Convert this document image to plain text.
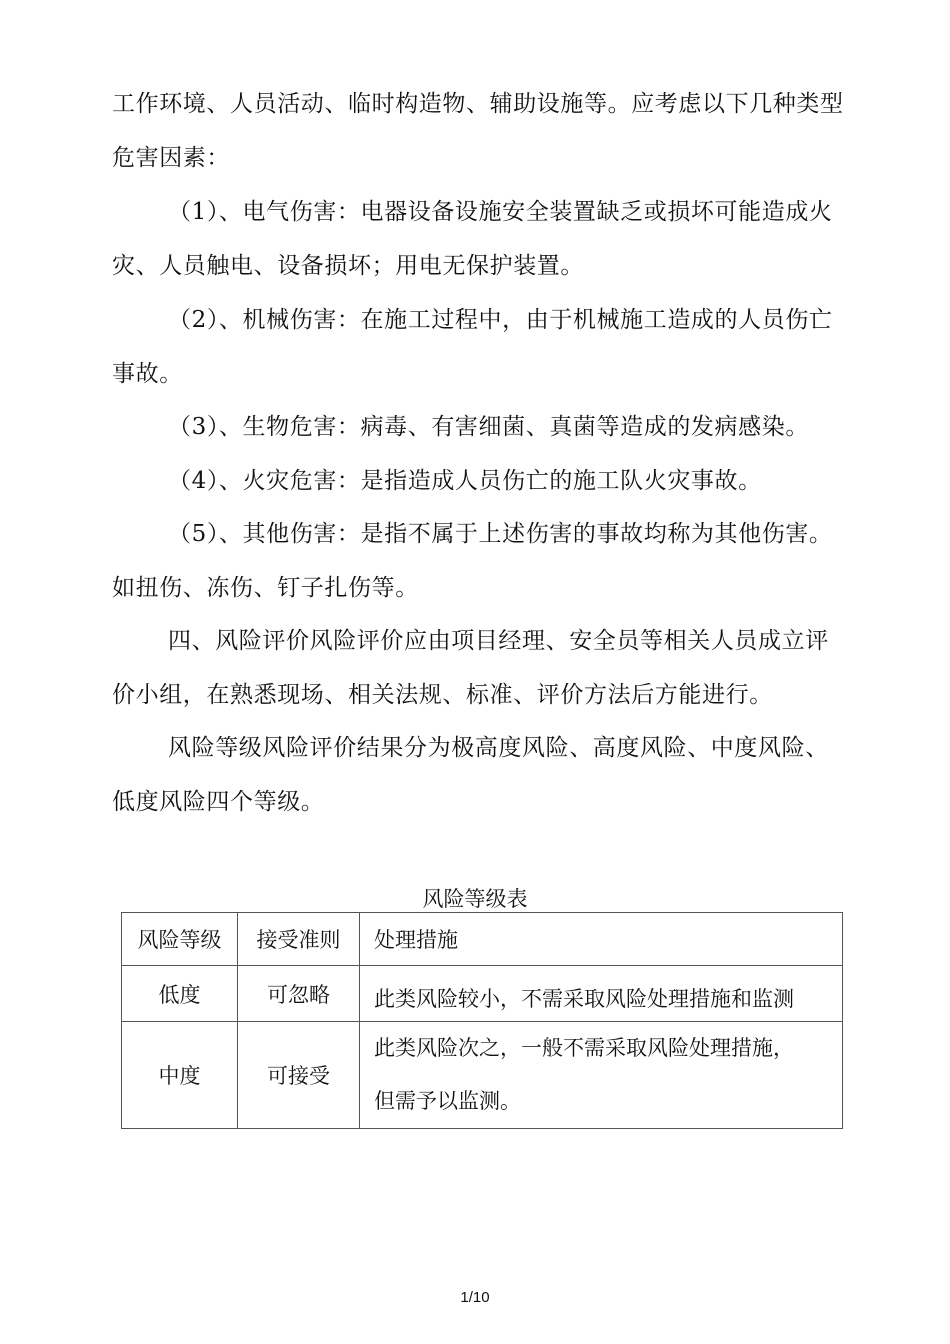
工作环境、人员活动、临时构造物、辅助设施等。应考虑以下几种类型危害因素：

（1）、电气伤害：电器设备设施安全装置缺乏或损坏可能造成火灾、人员触电、设备损坏；用电无保护装置。

（2）、机械伤害：在施工过程中，由于机械施工造成的人员伤亡事故。

（3）、生物危害：病毒、有害细菌、真菌等造成的发病感染。

（4）、火灾危害：是指造成人员伤亡的施工队火灾事故。

（5）、其他伤害：是指不属于上述伤害的事故均称为其他伤害。如扭伤、冻伤、钉子扎伤等。

四、风险评价风险评价应由项目经理、安全员等相关人员成立评价小组，在熟悉现场、相关法规、标准、评价方法后方能进行。

风险等级风险评价结果分为极高度风险、高度风险、中度风险、低度风险四个等级。

风险等级表
风险等级	接受准则	处理措施
低度	可忽略	此类风险较小，不需采取风险处理措施和监测

中度	可接受	此类风险次之，一般不需采取风险处理措施，但需予以监测。
1/10
